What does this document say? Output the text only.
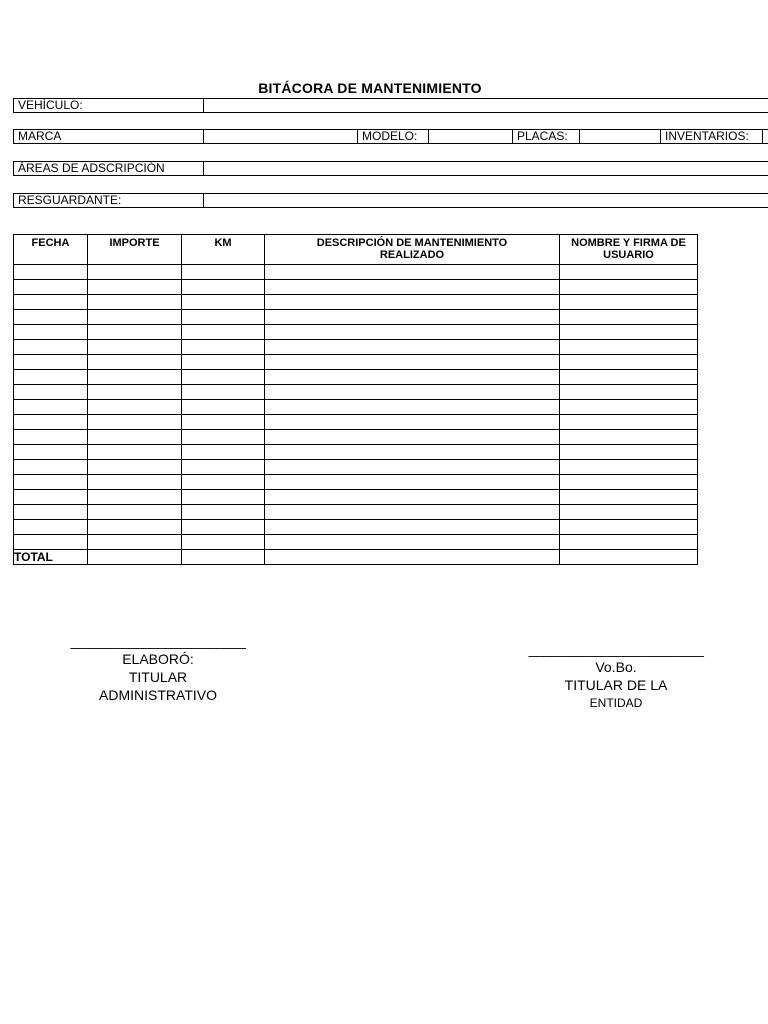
BITÁCORA DE MANTENIMIENTO
VEHÍCULO:
MARCA	MODELO:	PLACAS:	INVENTARIOS:
ÁREAS DE ADSCRIPCIÓN
RESGUARDANTE:
FECHA	IMPORTE	KM	DESCRIPCIÓN DE MANTENIMIENTO REALIZADO	NOMBRE Y FIRMA DE USUARIO

TOTAL				
________________________
ELABORÓ:
TITULAR
ADMINISTRATIVO
________________________
Vo.Bo.
TITULAR DE LA
ENTIDAD
